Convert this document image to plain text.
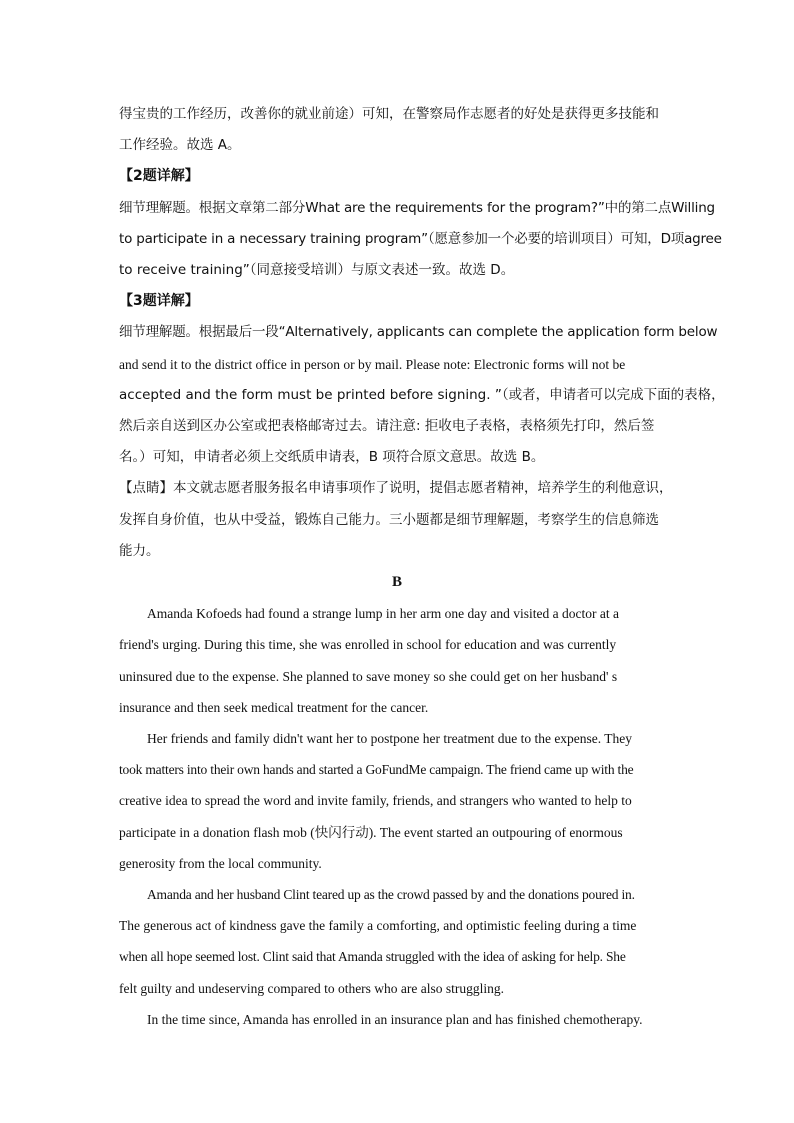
得宝贵的工作经历，改善你的就业前途）可知，在警察局作志愿者的好处是获得更多技能和
工作经验。故选 A。
【2题详解】
细节理解题。根据文章第二部分What are the requirements for the program?”中的第二点Willing
to participate in a necessary training program”（愿意参加一个必要的培训项目）可知，D项agree
to receive training”（同意接受培训）与原文表述一致。故选 D。
【3题详解】
细节理解题。根据最后一段“Alternatively, applicants can complete the application form below
and send it to the district office in person or by mail. Please note: Electronic forms will not be
accepted and the form must be printed before signing. ”（或者，申请者可以完成下面的表格，
然后亲自送到区办公室或把表格邮寄过去。请注意: 拒收电子表格，表格须先打印，然后签
名。）可知，申请者必须上交纸质申请表，B 项符合原文意思。故选 B。
【点睛】本文就志愿者服务报名申请事项作了说明，提倡志愿者精神，培养学生的利他意识，
发挥自身价值，也从中受益，锻炼自己能力。三小题都是细节理解题，考察学生的信息筛选
能力。
B
Amanda Kofoeds had found a strange lump in her arm one day and visited a doctor at a
friend's urging. During this time, she was enrolled in school for education and was currently
uninsured due to the expense. She planned to save money so she could get on her husband' s
insurance and then seek medical treatment for the cancer.
Her friends and family didn't want her to postpone her treatment due to the expense. They
took matters into their own hands and started a GoFundMe campaign. The friend came up with the
creative idea to spread the word and invite family, friends, and strangers who wanted to help to
participate in a donation flash mob (快闪行动). The event started an outpouring of enormous
generosity from the local community.
Amanda and her husband Clint teared up as the crowd passed by and the donations poured in.
The generous act of kindness gave the family a comforting, and optimistic feeling during a time
when all hope seemed lost. Clint said that Amanda struggled with the idea of asking for help. She
felt guilty and undeserving compared to others who are also struggling.
In the time since, Amanda has enrolled in an insurance plan and has finished chemotherapy.
